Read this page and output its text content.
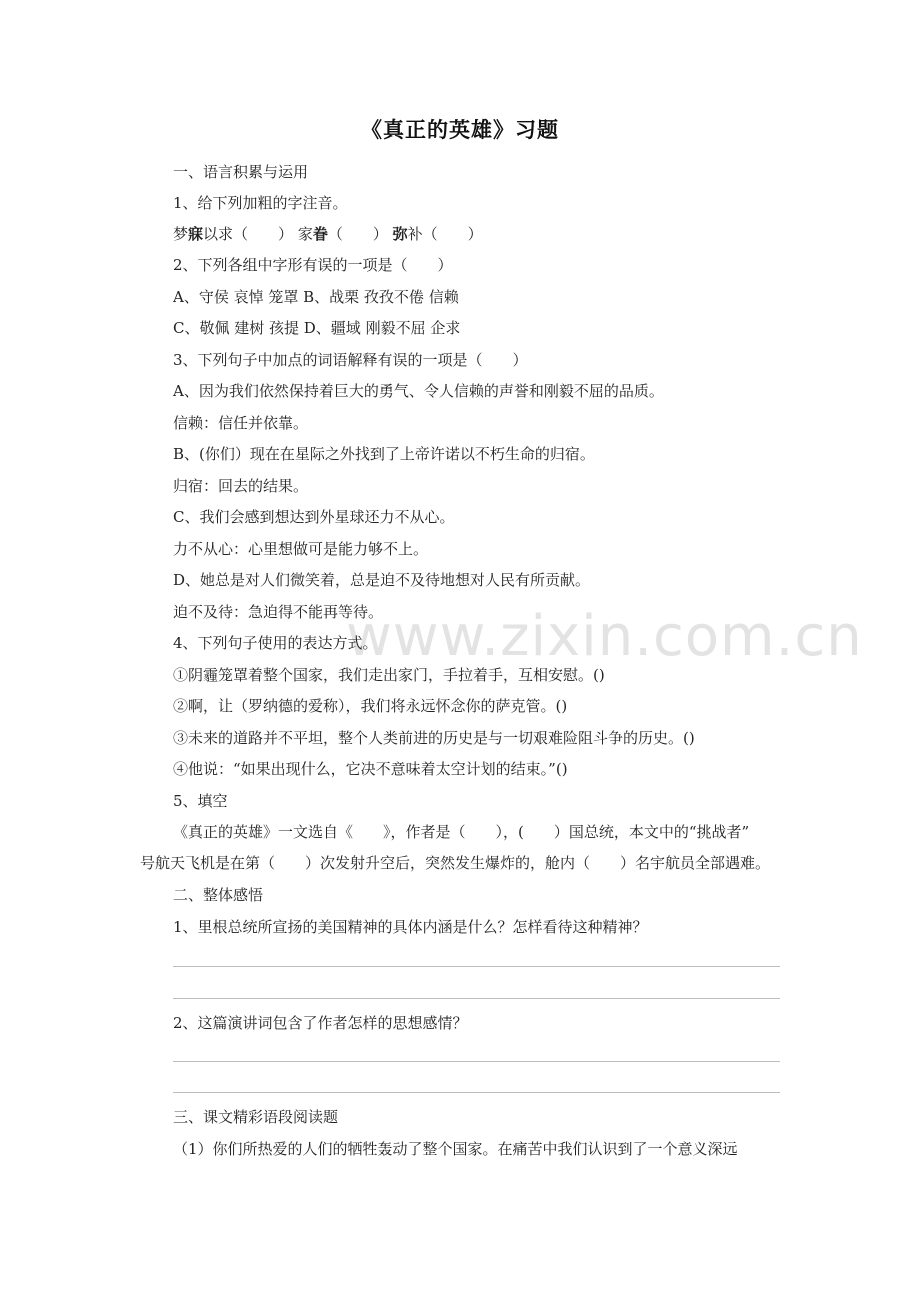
www.zixin.com.cn
《真正的英雄》习题
一、语言积累与运用
1、给下列加粗的字注音。
梦寐以求（　　） 家眷（　　） 弥补（　　）
2、下列各组中字形有误的一项是（　　）
A、守侯 哀悼 笼罩 B、战栗 孜孜不倦 信赖
C、敬佩 建树 孩提 D、疆域 刚毅不屈 企求
3、下列句子中加点的词语解释有误的一项是（　　）
A、因为我们依然保持着巨大的勇气、令人信赖的声誉和刚毅不屈的品质。
信赖：信任并依靠。
B、(你们）现在在星际之外找到了上帝许诺以不朽生命的归宿。
归宿：回去的结果。
C、我们会感到想达到外星球还力不从心。
力不从心：心里想做可是能力够不上。
D、她总是对人们微笑着，总是迫不及待地想对人民有所贡献。
迫不及待：急迫得不能再等待。
4、下列句子使用的表达方式。
①阴霾笼罩着整个国家，我们走出家门，手拉着手，互相安慰。()
②啊，让（罗纳德的爱称），我们将永远怀念你的萨克管。()
③未来的道路并不平坦，整个人类前进的历史是与一切艰难险阻斗争的历史。()
④他说：“如果出现什么，它决不意味着太空计划的结束。”()
5、填空
《真正的英雄》一文选自《　　》，作者是（　　），(　　）国总统，本文中的“挑战者”
号航天飞机是在第（　　）次发射升空后，突然发生爆炸的，舱内（　　）名宇航员全部遇难。
二、整体感悟
1、里根总统所宣扬的美国精神的具体内涵是什么？怎样看待这种精神？
2、这篇演讲词包含了作者怎样的思想感情？
三、课文精彩语段阅读题
（1）你们所热爱的人们的牺牲轰动了整个国家。在痛苦中我们认识到了一个意义深远
